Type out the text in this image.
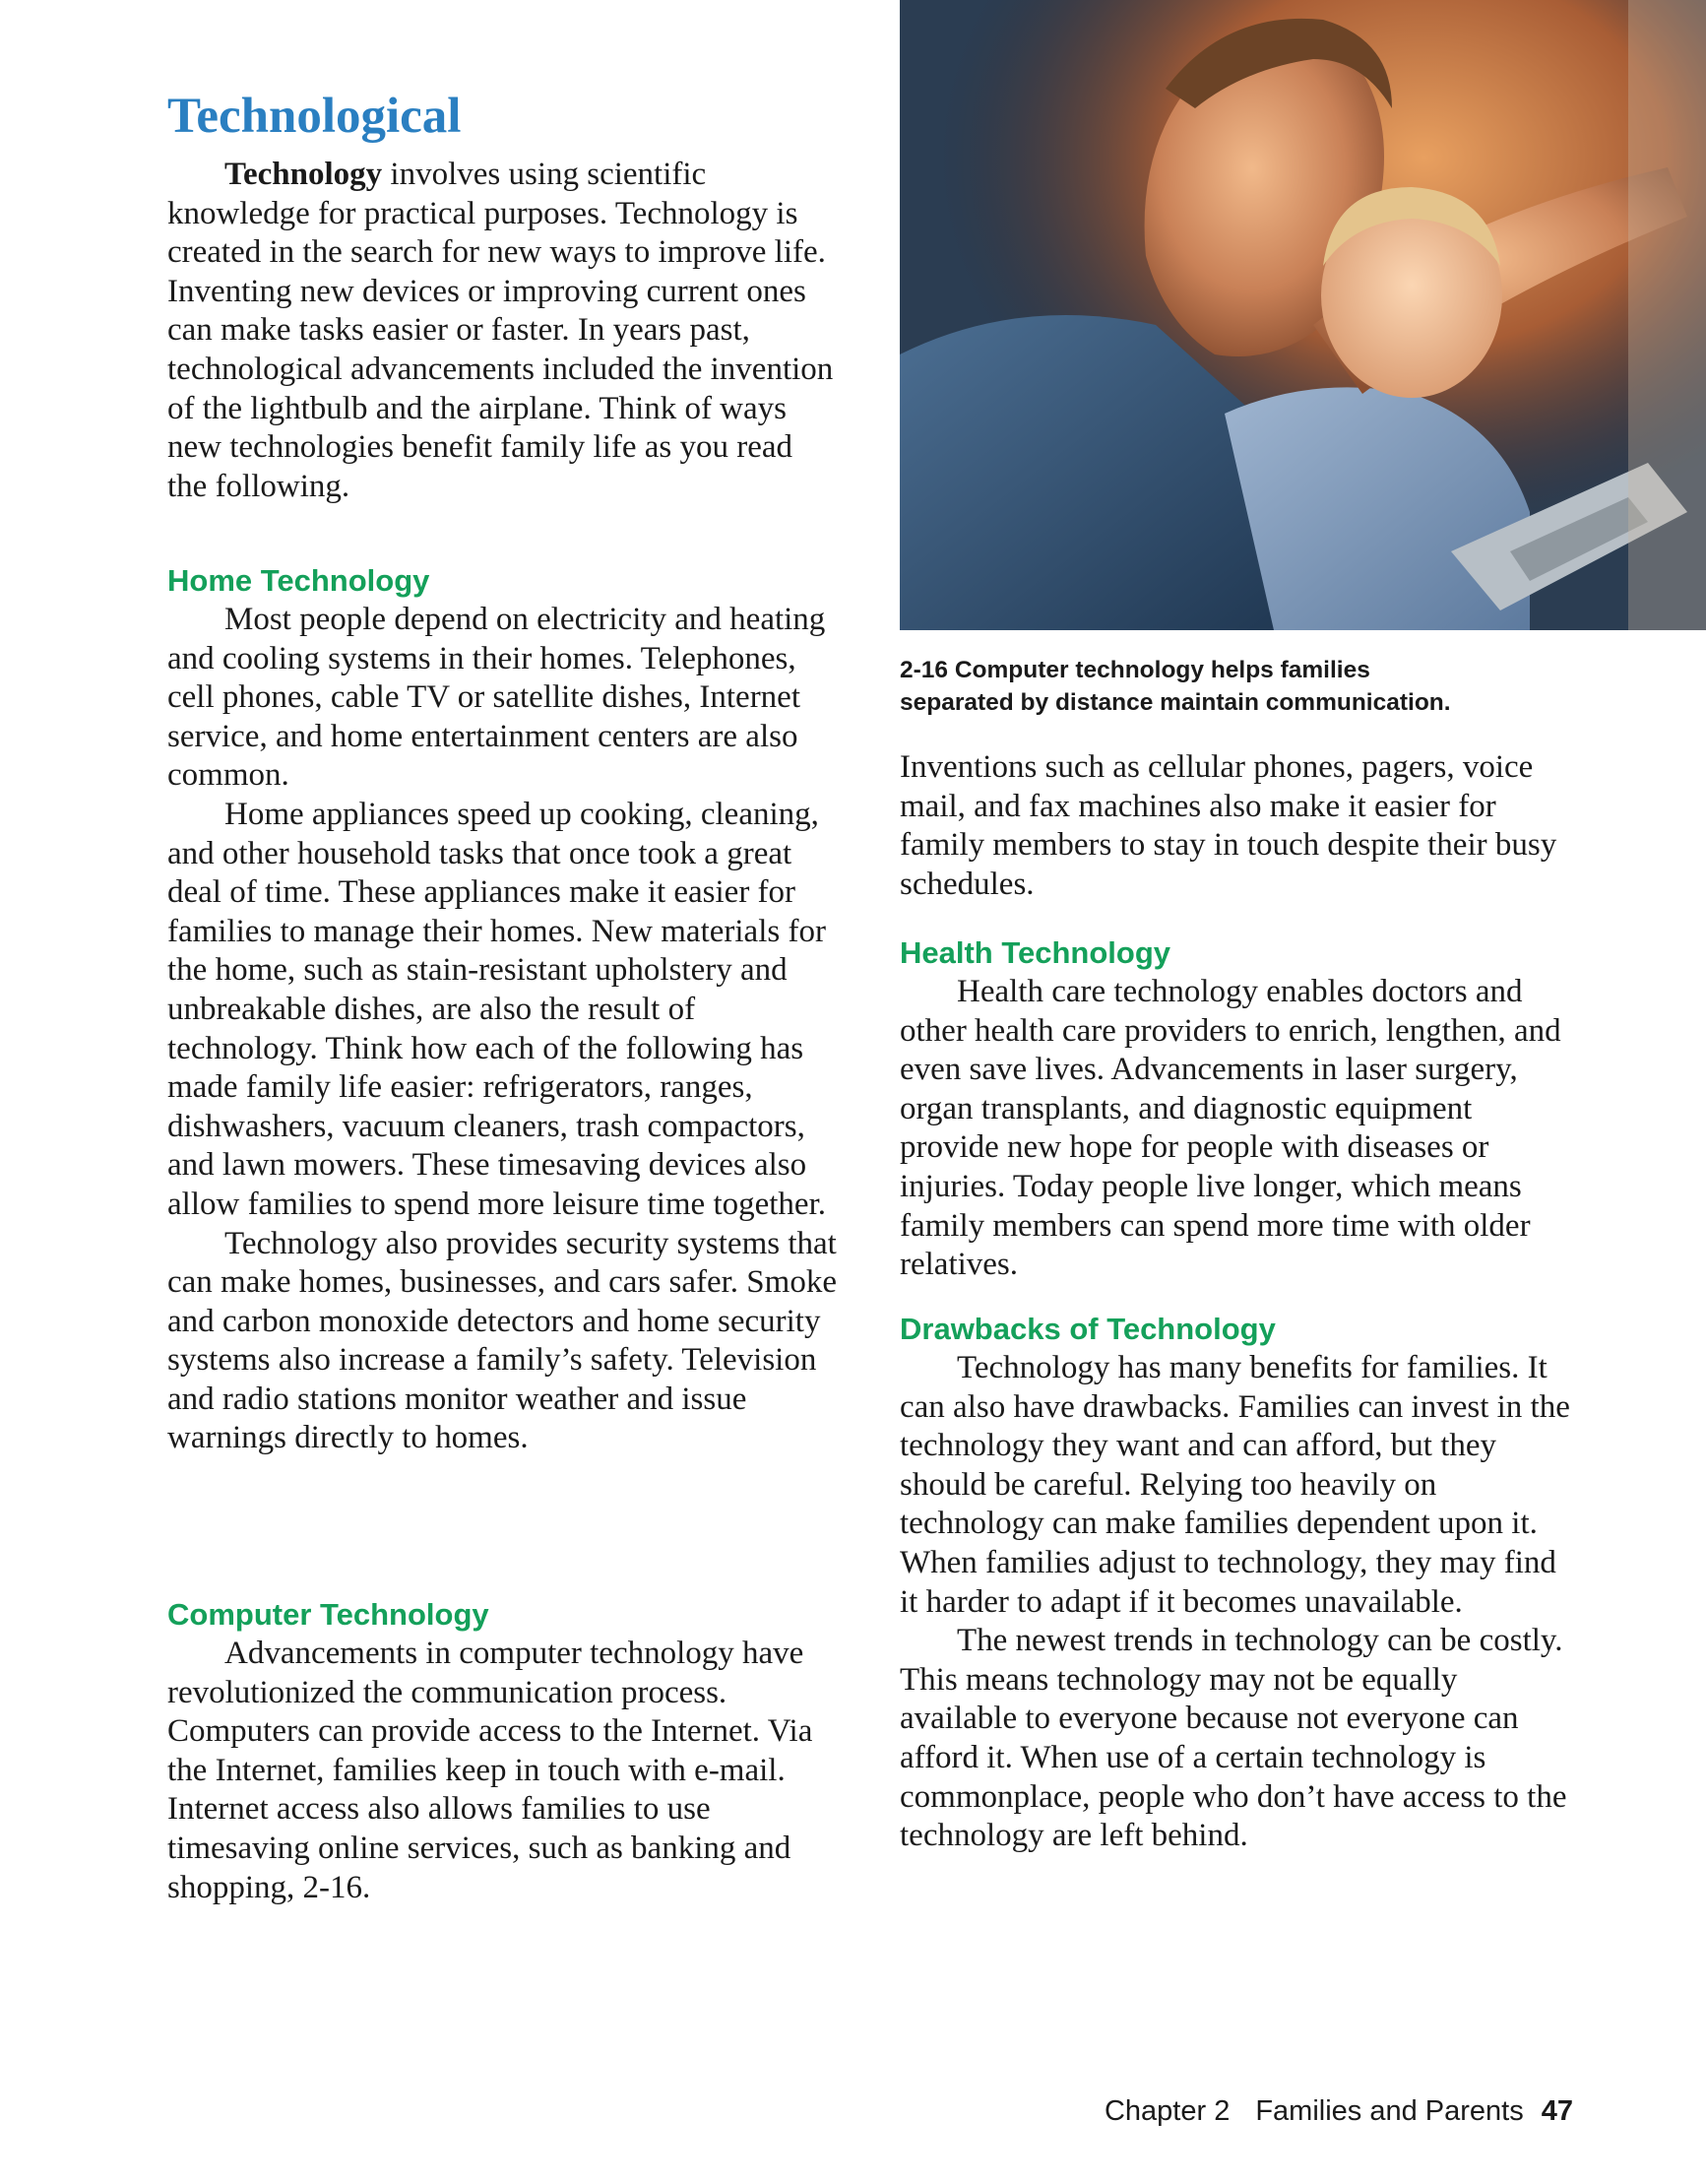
Technological

Technology involves using scientific knowledge for practical purposes. Technology is created in the search for new ways to improve life. Inventing new devices or improving current ones can make tasks easier or faster. In years past, technological advancements included the invention of the lightbulb and the airplane. Think of ways new technologies benefit family life as you read the following.

Home Technology

Most people depend on electricity and heating and cooling systems in their homes. Telephones, cell phones, cable TV or satellite dishes, Internet service, and home entertainment centers are also common.

Home appliances speed up cooking, cleaning, and other household tasks that once took a great deal of time. These appliances make it easier for families to manage their homes. New materials for the home, such as stain-resistant upholstery and unbreakable dishes, are also the result of technology. Think how each of the following has made family life easier: refrigerators, ranges, dishwashers, vacuum cleaners, trash compactors, and lawn mowers. These timesaving devices also allow families to spend more leisure time together.

Technology also provides security systems that can make homes, businesses, and cars safer. Smoke and carbon monoxide detectors and home security systems also increase a family’s safety. Television and radio stations monitor weather and issue warnings directly to homes.

Computer Technology

Advancements in computer technology have revolutionized the communication process. Computers can provide access to the Internet. Via the Internet, families keep in touch with e-mail. Internet access also allows families to use timesaving online services, such as banking and shopping, 2-16.

2-16 Computer technology helps families
separated by distance maintain communication.

Inventions such as cellular phones, pagers, voice mail, and fax machines also make it easier for family members to stay in touch despite their busy schedules.

Health Technology

Health care technology enables doctors and other health care providers to enrich, lengthen, and even save lives. Advancements in laser surgery, organ transplants, and diagnostic equipment provide new hope for people with diseases or injuries. Today people live longer, which means family members can spend more time with older relatives.

Drawbacks of Technology

Technology has many benefits for families. It can also have drawbacks. Families can invest in the technology they want and can afford, but they should be careful. Relying too heavily on technology can make families dependent upon it. When families adjust to technology, they may find it harder to adapt if it becomes unavailable.

The newest trends in technology can be costly. This means technology may not be equally available to everyone because not everyone can afford it. When use of a certain technology is commonplace, people who don’t have access to the technology are left behind.

Chapter 2 Families and Parents 47
